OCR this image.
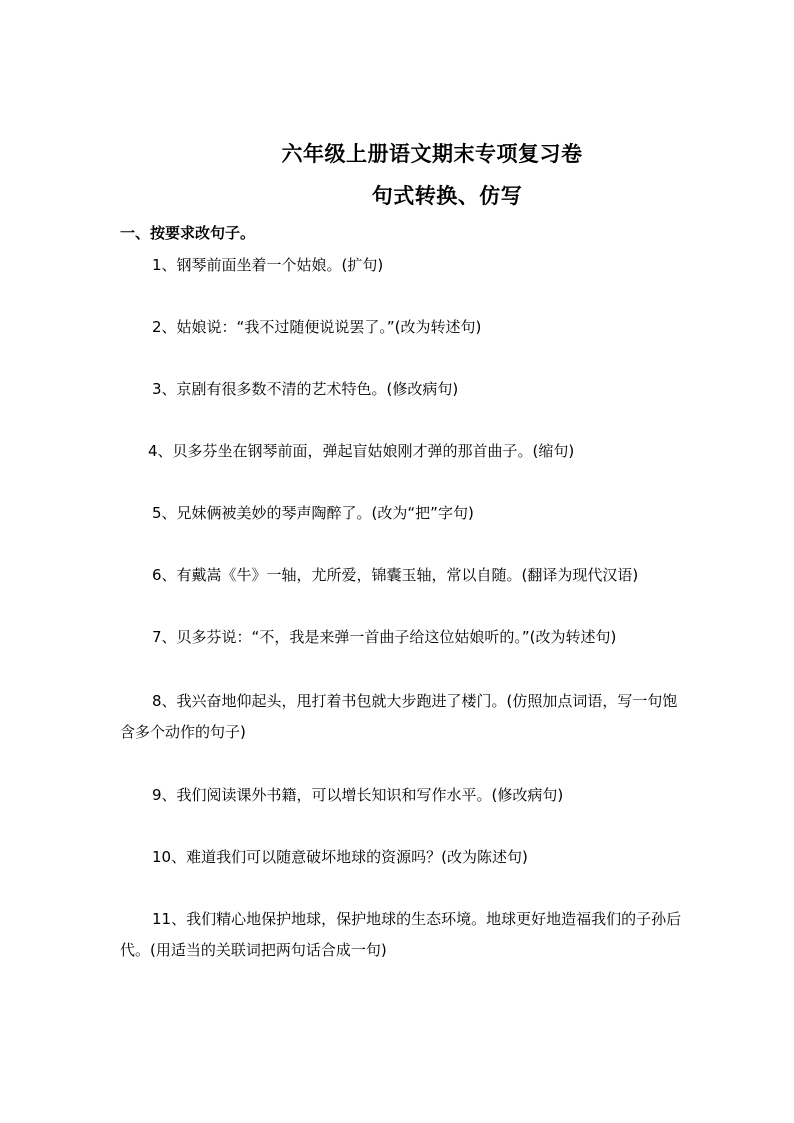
六年级上册语文期末专项复习卷
句式转换、仿写
一、按要求改句子。
1、钢琴前面坐着一个姑娘。(扩句)
2、姑娘说：“我不过随便说说罢了。”(改为转述句)
3、京剧有很多数不清的艺术特色。(修改病句)
4、贝多芬坐在钢琴前面，弹起盲姑娘刚才弹的那首曲子。(缩句)
5、兄妹俩被美妙的琴声陶醉了。(改为“把”字句)
6、有戴嵩《牛》一轴，尤所爱，锦囊玉轴，常以自随。(翻译为现代汉语)
7、贝多芬说：“不，我是来弹一首曲子给这位姑娘听的。”(改为转述句)
8、我兴奋地仰起头，甩打着书包就大步跑进了楼门。(仿照加点词语，写一句饱含多个动作的句子)
9、我们阅读课外书籍，可以增长知识和写作水平。(修改病句)
10、难道我们可以随意破坏地球的资源吗？(改为陈述句)
11、我们精心地保护地球，保护地球的生态环境。地球更好地造福我们的子孙后代。(用适当的关联词把两句话合成一句)
